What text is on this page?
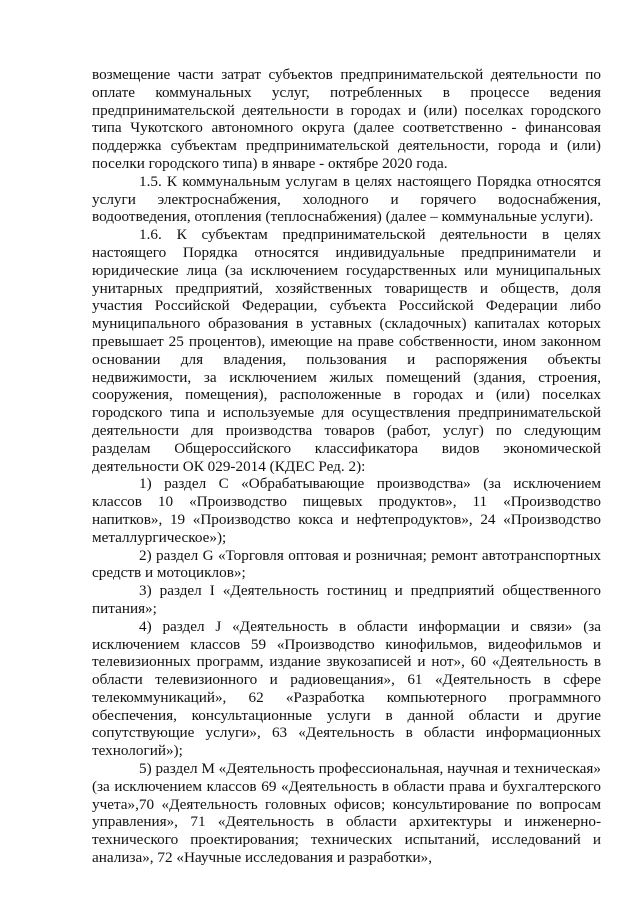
возмещение части затрат субъектов предпринимательской деятельности по оплате коммунальных услуг, потребленных в процессе ведения предпринимательской деятельности в городах и (или) поселках городского типа Чукотского автономного округа (далее соответственно - финансовая поддержка субъектам предпринимательской деятельности, города и (или) поселки городского типа) в январе - октябре 2020 года.

1.5. К коммунальным услугам в целях настоящего Порядка относятся услуги электроснабжения, холодного и горячего водоснабжения, водоотведения, отопления (теплоснабжения) (далее – коммунальные услуги).

1.6. К субъектам предпринимательской деятельности в целях настоящего Порядка относятся индивидуальные предприниматели и юридические лица (за исключением государственных или муниципальных унитарных предприятий, хозяйственных товариществ и обществ, доля участия Российской Федерации, субъекта Российской Федерации либо муниципального образования в уставных (складочных) капиталах которых превышает 25 процентов), имеющие на праве собственности, ином законном основании для владения, пользования и распоряжения объекты недвижимости, за исключением жилых помещений (здания, строения, сооружения, помещения), расположенные в городах и (или) поселках городского типа и используемые для осуществления предпринимательской деятельности для производства товаров (работ, услуг) по следующим разделам Общероссийского классификатора видов экономической деятельности ОК 029-2014 (КДЕС Ред. 2):

1) раздел C «Обрабатывающие производства» (за исключением классов 10 «Производство пищевых продуктов», 11 «Производство напитков», 19 «Производство кокса и нефтепродуктов», 24 «Производство металлургическое»);

2) раздел G «Торговля оптовая и розничная; ремонт автотранспортных средств и мотоциклов»;

3) раздел I «Деятельность гостиниц и предприятий общественного питания»;

4) раздел J «Деятельность в области информации и связи» (за исключением классов 59 «Производство кинофильмов, видеофильмов и телевизионных программ, издание звукозаписей и нот», 60 «Деятельность в области телевизионного и радиовещания», 61 «Деятельность в сфере телекоммуникаций», 62 «Разработка компьютерного программного обеспечения, консультационные услуги в данной области и другие сопутствующие услуги», 63 «Деятельность в области информационных технологий»);

5) раздел M «Деятельность профессиональная, научная и техническая» (за исключением классов 69 «Деятельность в области права и бухгалтерского учета»,70 «Деятельность головных офисов; консультирование по вопросам управления», 71 «Деятельность в области архитектуры и инженерно-технического проектирования; технических испытаний, исследований и анализа», 72 «Научные исследования и разработки»,
